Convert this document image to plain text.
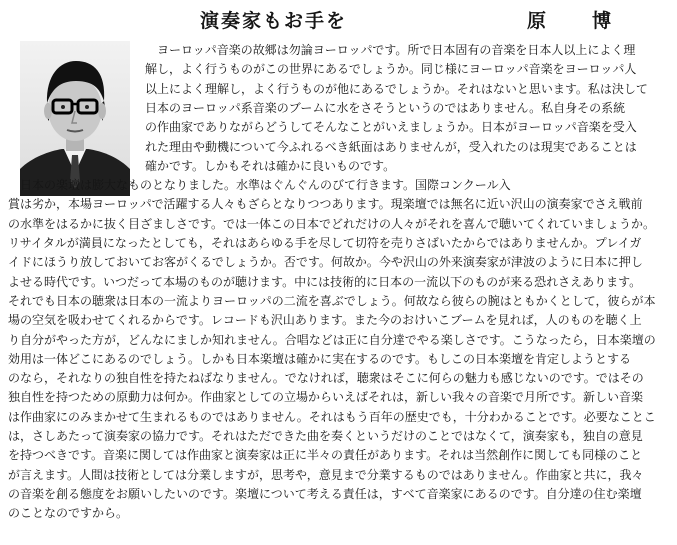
演奏家もお手を	原 博
ヨーロッパ音楽の故郷は勿論ヨーロッパです。所で日本固有の音楽を日本人以上によく理
解し，よく行うものがこの世界にあるでしょうか。同じ様にヨーロッパ音楽をヨーロッパ人
以上によく理解し，よく行うものが他にあるでしょうか。それはないと思います。私は決して
日本のヨーロッパ系音楽のブームに水をさそうというのではありません。私自身その系統
の作曲家でありながらどうしてそんなことがいえましょうか。日本がヨーロッパ音楽を受入
れた理由や動機について今ふれるべき紙面はありませんが，受入れたのは現実であることは
確かです。しかもそれは確かに良いものです。
日本の楽壇は膨大なものとなりました。水準はぐんぐんのびて行きます。国際コンクール入
賞は劣か，本場ヨーロッパで活躍する人々もざらとなりつつあります。現楽壇では無名に近い沢山の演奏家でさえ戦前
の水準をはるかに抜く目ざましさです。では一体この日本でどれだけの人々がそれを喜んで聴いてくれていましょうか。
リサイタルが満員になったとしても，それはあらゆる手を尽して切符を売りさばいたからではありませんか。プレイガ
イドにほうり放しておいてお客がくるでしょうか。否です。何故か。今や沢山の外来演奏家が津波のように日本に押し
よせる時代です。いつだって本場のものが聴けます。中には技術的に日本の一流以下のものが来る恐れさえあります。
それでも日本の聴衆は日本の一流よりヨーロッパの二流を喜ぶでしょう。何故なら彼らの腕はともかくとして，彼らが本
場の空気を吸わせてくれるからです。レコードも沢山あります。また今のおけいこブームを見れば，人のものを聴く上
り自分がやった方が，どんなにましか知れません。合唱などは正に自分達でやる楽しさです。こうなったら，日本楽壇の
効用は一体どこにあるのでしょう。しかも日本楽壇は確かに実在するのです。もしこの日本楽壇を肯定しようとする
のなら，それなりの独自性を持たねばなりません。でなければ，聴衆はそこに何らの魅力も感じないのです。ではその
独自性を持つための原動力は何か。作曲家としての立場からいえばそれは，新しい我々の音楽で月所です。新しい音楽
は作曲家にのみまかせて生まれるものではありません。それはもう百年の歴史でも，十分わかることです。必要なことこ
は，さしあたって演奏家の協力です。それはただできた曲を奏くというだけのことではなくて，演奏家も，独自の意見
を持つべきです。音楽に関しては作曲家と演奏家は正に半々の責任があります。それは当然創作に関しても同様のこと
が言えます。人間は技術としては分業しますが，思考や，意見まで分業するものではありません。作曲家と共に，我々
の音楽を創る態度をお願いしたいのです。楽壇について考える責任は，すべて音楽家にあるのです。自分達の住む楽壇
のことなのですから。
